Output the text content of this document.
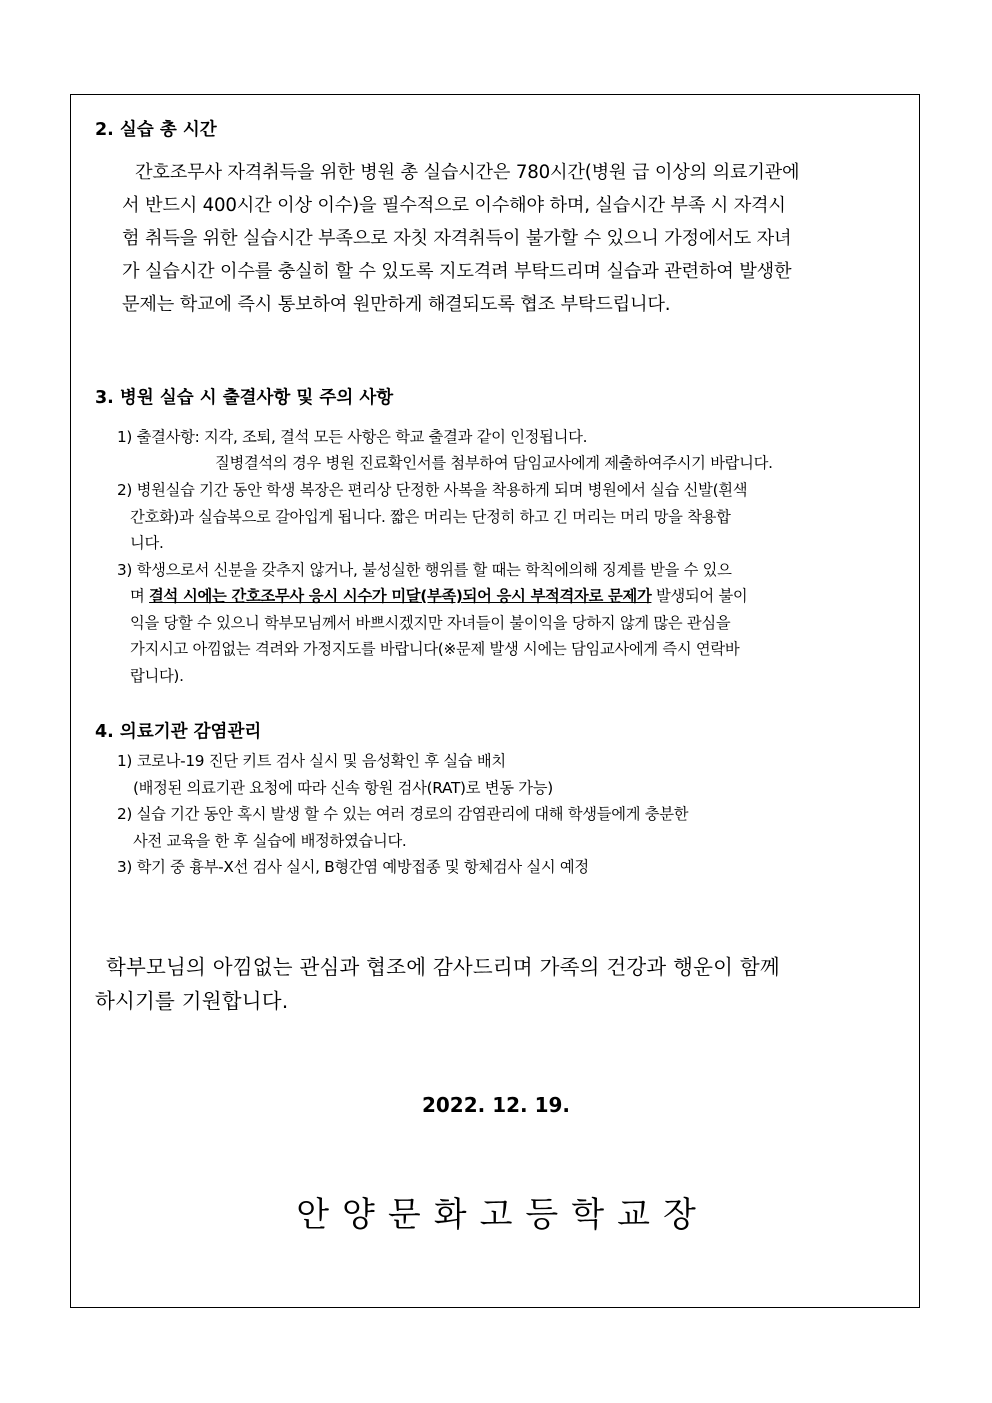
2. 실습 총 시간
간호조무사 자격취득을 위한 병원 총 실습시간은 780시간(병원 급 이상의 의료기관에
서 반드시 400시간 이상 이수)을 필수적으로 이수해야 하며, 실습시간 부족 시 자격시
험 취득을 위한 실습시간 부족으로 자칫 자격취득이 불가할 수 있으니 가정에서도 자녀
가 실습시간 이수를 충실히 할 수 있도록 지도격려 부탁드리며 실습과 관련하여 발생한
문제는 학교에 즉시 통보하여 원만하게 해결되도록 협조 부탁드립니다.
3. 병원 실습 시 출결사항 및 주의 사항
1) 출결사항: 지각, 조퇴, 결석 모든 사항은 학교 출결과 같이 인정됩니다.
질병결석의 경우 병원 진료확인서를 첨부하여 담임교사에게 제출하여주시기 바랍니다.
2) 병원실습 기간 동안 학생 복장은 편리상 단정한 사복을 착용하게 되며 병원에서 실습 신발(흰색
간호화)과 실습복으로 갈아입게 됩니다. 짧은 머리는 단정히 하고 긴 머리는 머리 망을 착용합
니다.
3) 학생으로서 신분을 갖추지 않거나, 불성실한 행위를 할 때는 학칙에의해 징계를 받을 수 있으
며 결석 시에는 간호조무사 응시 시수가 미달(부족)되어 응시 부적격자로 문제가 발생되어 불이
익을 당할 수 있으니 학부모님께서 바쁘시겠지만 자녀들이 불이익을 당하지 않게 많은 관심을
가지시고 아낌없는 격려와 가정지도를 바랍니다(※문제 발생 시에는 담임교사에게 즉시 연락바
랍니다).
4. 의료기관 감염관리
1) 코로나-19 진단 키트 검사 실시 및 음성확인 후 실습 배치
(배정된 의료기관 요청에 따라 신속 항원 검사(RAT)로 변동 가능)
2) 실습 기간 동안 혹시 발생 할 수 있는 여러 경로의 감염관리에 대해 학생들에게 충분한
사전 교육을 한 후 실습에 배정하였습니다.
3) 학기 중 흉부-X선 검사 실시, B형간염 예방접종 및 항체검사 실시 예정
학부모님의 아낌없는 관심과 협조에 감사드리며 가족의 건강과 행운이 함께
하시기를 기원합니다.
2022. 12. 19.
안양문화고등학교장
